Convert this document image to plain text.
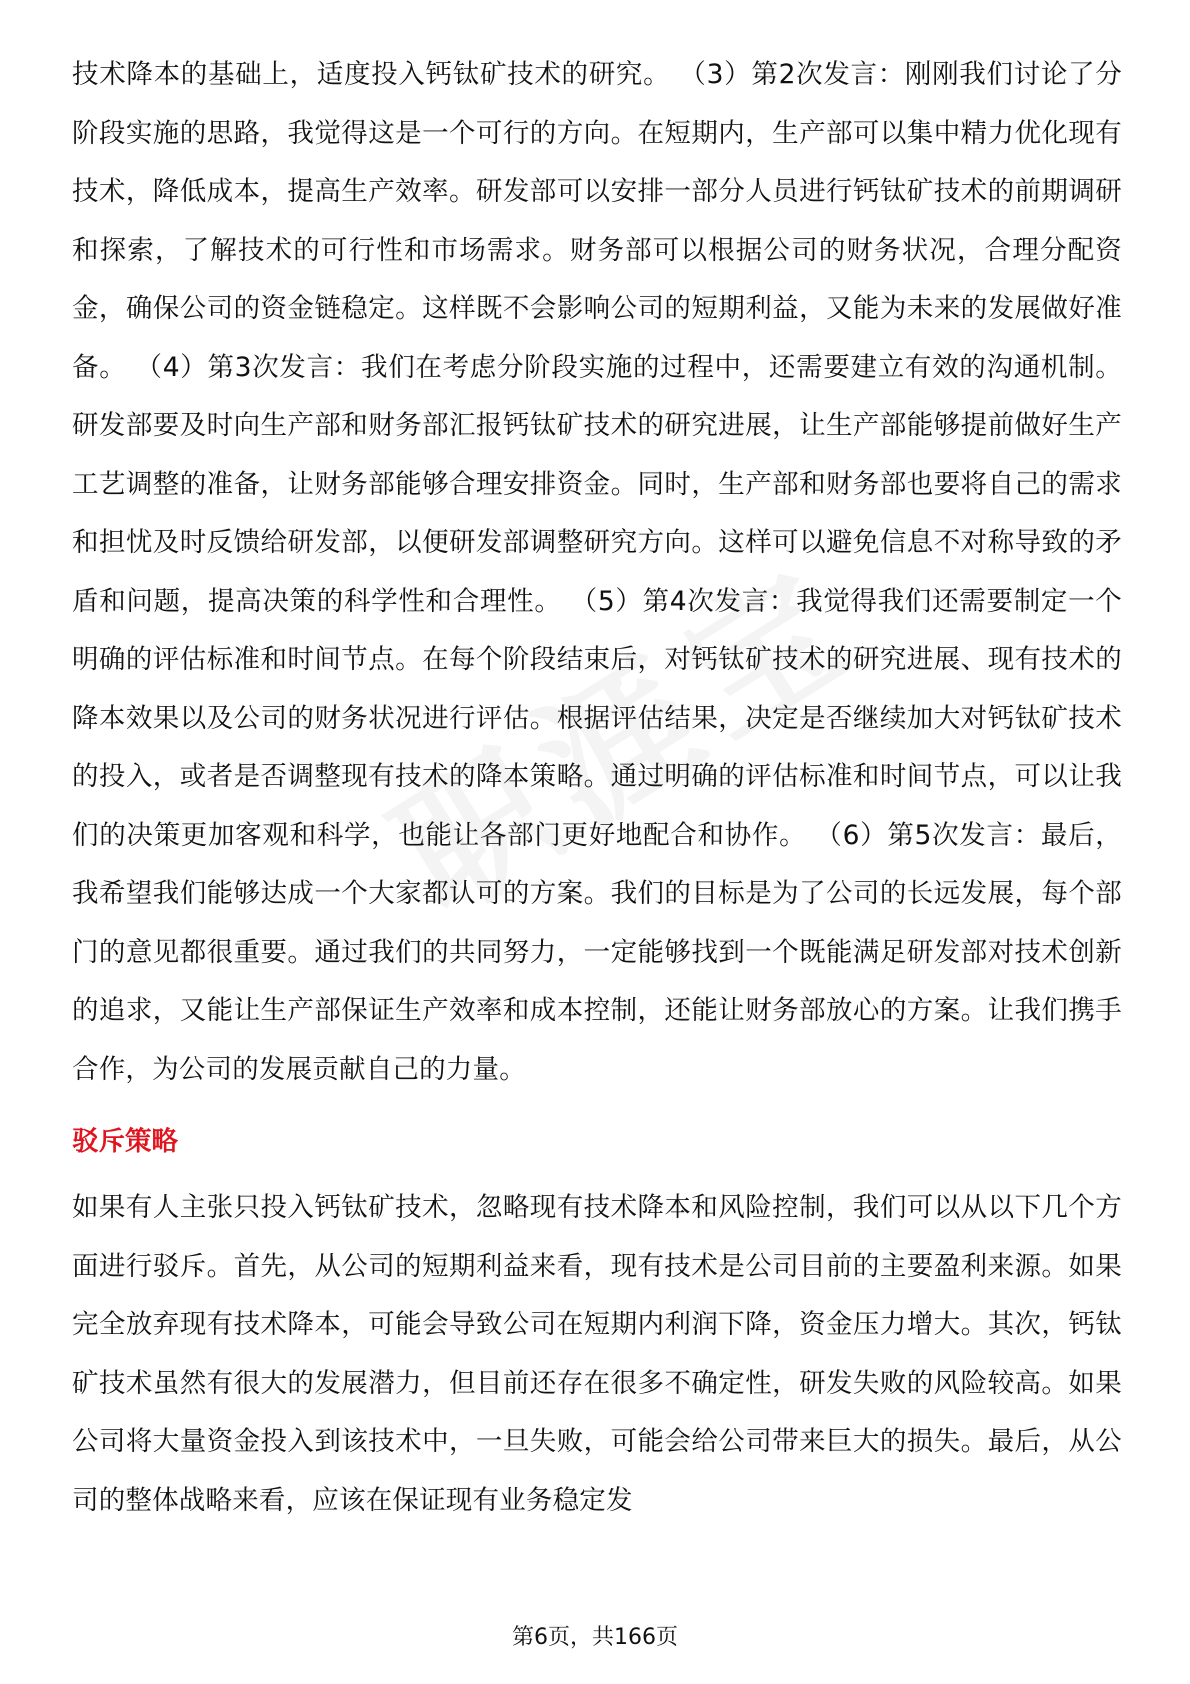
技术降本的基础上，适度投入钙钛矿技术的研究。 （3）第2次发言：刚刚我们讨论了分阶段实施的思路，我觉得这是一个可行的方向。在短期内，生产部可以集中精力优化现有技术，降低成本，提高生产效率。研发部可以安排一部分人员进行钙钛矿技术的前期调研和探索，了解技术的可行性和市场需求。财务部可以根据公司的财务状况，合理分配资金，确保公司的资金链稳定。这样既不会影响公司的短期利益，又能为未来的发展做好准备。 （4）第3次发言：我们在考虑分阶段实施的过程中，还需要建立有效的沟通机制。研发部要及时向生产部和财务部汇报钙钛矿技术的研究进展，让生产部能够提前做好生产工艺调整的准备，让财务部能够合理安排资金。同时，生产部和财务部也要将自己的需求和担忧及时反馈给研发部，以便研发部调整研究方向。这样可以避免信息不对称导致的矛盾和问题，提高决策的科学性和合理性。 （5）第4次发言：我觉得我们还需要制定一个明确的评估标准和时间节点。在每个阶段结束后，对钙钛矿技术的研究进展、现有技术的降本效果以及公司的财务状况进行评估。根据评估结果，决定是否继续加大对钙钛矿技术的投入，或者是否调整现有技术的降本策略。通过明确的评估标准和时间节点，可以让我们的决策更加客观和科学，也能让各部门更好地配合和协作。 （6）第5次发言：最后，我希望我们能够达成一个大家都认可的方案。我们的目标是为了公司的长远发展，每个部门的意见都很重要。通过我们的共同努力，一定能够找到一个既能满足研发部对技术创新的追求，又能让生产部保证生产效率和成本控制，还能让财务部放心的方案。让我们携手合作，为公司的发展贡献自己的力量。

驳斥策略

如果有人主张只投入钙钛矿技术，忽略现有技术降本和风险控制，我们可以从以下几个方面进行驳斥。首先，从公司的短期利益来看，现有技术是公司目前的主要盈利来源。如果完全放弃现有技术降本，可能会导致公司在短期内利润下降，资金压力增大。其次，钙钛矿技术虽然有很大的发展潜力，但目前还存在很多不确定性，研发失败的风险较高。如果公司将大量资金投入到该技术中，一旦失败，可能会给公司带来巨大的损失。最后，从公司的整体战略来看，应该在保证现有业务稳定发

第6页，共166页
